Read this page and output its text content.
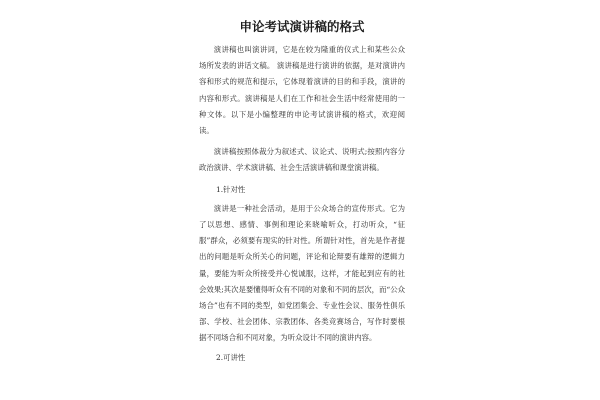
申论考试演讲稿的格式

演讲稿也叫演讲词，它是在较为隆重的仪式上和某些公众场所发表的讲话文稿。 演讲稿是进行演讲的依据，是对演讲内容和形式的规范和提示，它体现着演讲的目的和手段，演讲的内容和形式。演讲稿是人们在工作和社会生活中经常使用的一种文体。以下是小编整理的申论考试演讲稿的格式，欢迎阅读。

演讲稿按照体裁分为叙述式、议论式、说明式;按照内容分政治演讲、学术演讲稿、社会生活演讲稿和课堂演讲稿。

1.针对性

演讲是一种社会活动，是用于公众场合的宣传形式。它为了以思想、感情、事例和理论来晓喻听众，打动听众，“征服”群众，必须要有现实的针对性。所谓针对性，首先是作者提出的问题是听众所关心的问题，评论和论辩要有雄辩的逻辑力量，要能为听众所接受并心悦诚服，这样，才能起到应有的社会效果;其次是要懂得听众有不同的对象和不同的层次，而“公众场合”也有不同的类型，如党团集会、专业性会议、服务性俱乐部、学校、社会团体、宗教团体、各类竞赛场合，写作时要根据不同场合和不同对象，为听众设计不同的演讲内容。

2.可讲性
